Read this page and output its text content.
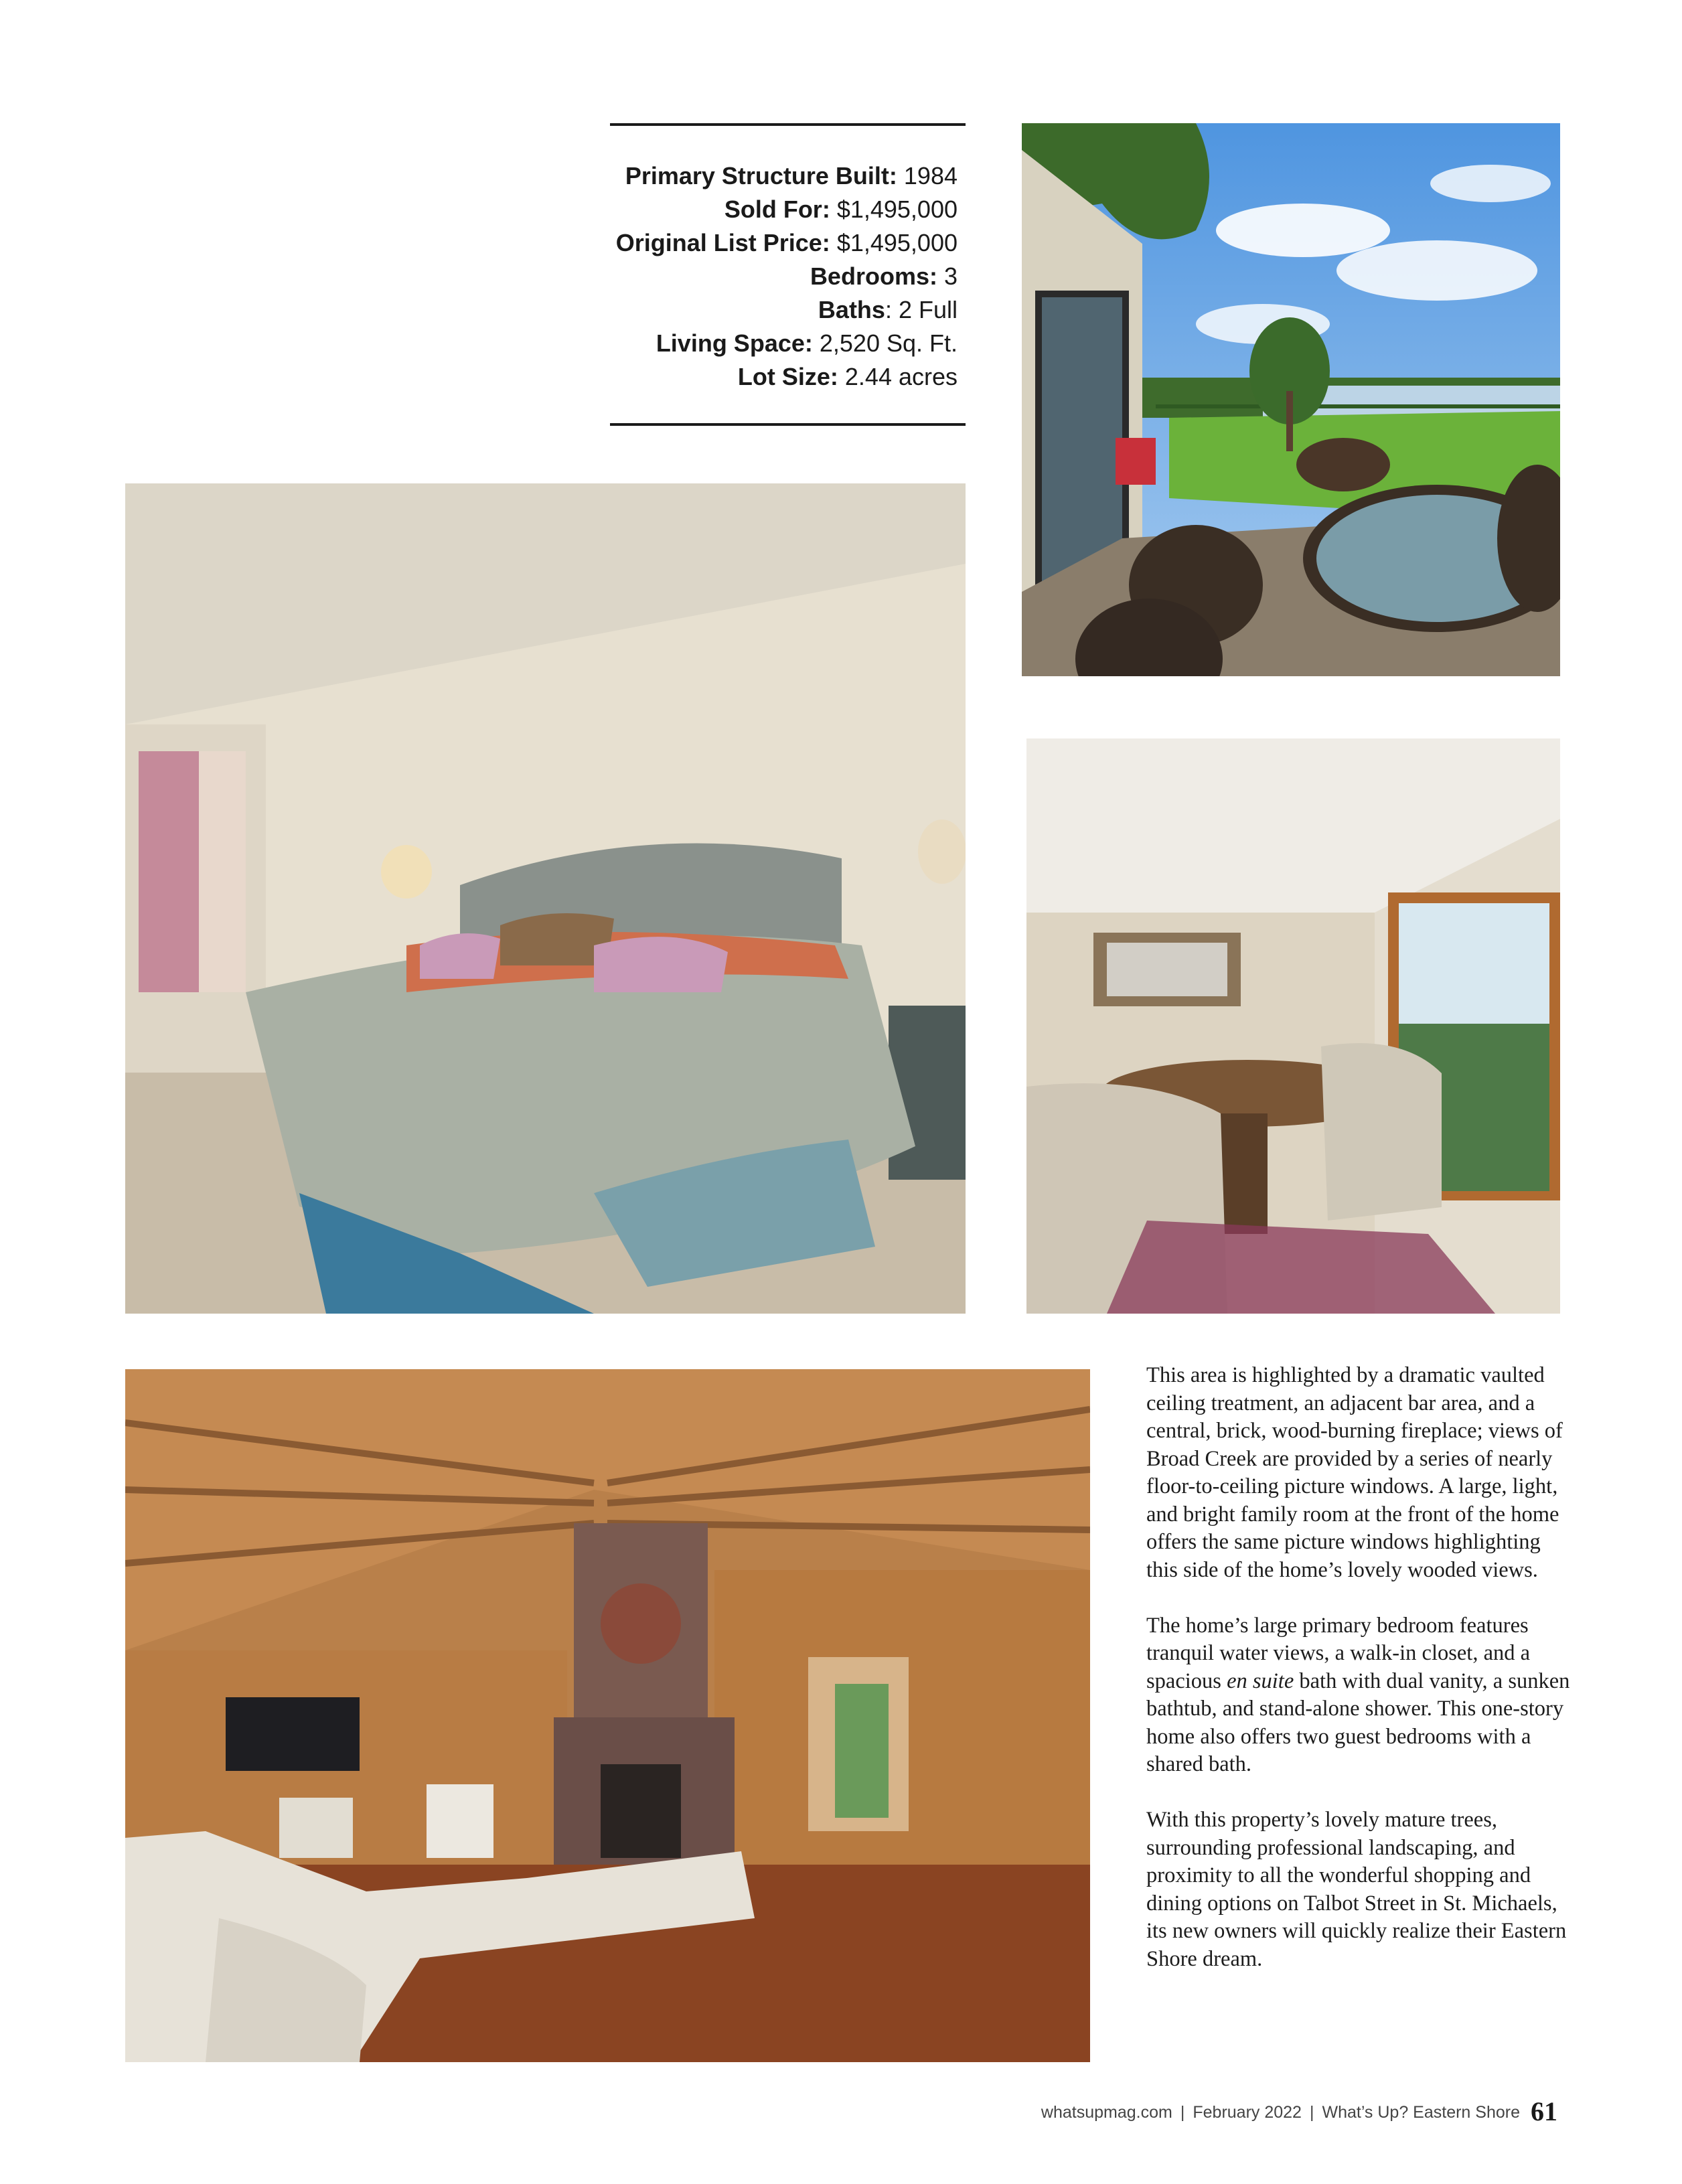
Primary Structure Built: 1984
Sold For: $1,495,000
Original List Price: $1,495,000
Bedrooms: 3
Baths: 2 Full
Living Space: 2,520 Sq. Ft.
Lot Size: 2.44 acres

This area is highlighted by a dramatic vaulted ceiling treatment, an adjacent bar area, and a central, brick, wood-burning fireplace; views of Broad Creek are provided by a series of nearly floor-to-ceiling picture windows. A large, light, and bright family room at the front of the home offers the same picture windows highlighting this side of the home’s lovely wooded views.

The home’s large primary bedroom features tranquil water views, a walk-in closet, and a spacious en suite bath with dual vanity, a sunken bathtub, and stand-alone shower. This one-story home also offers two guest bedrooms with a shared bath.

With this property’s lovely mature trees, surrounding professional landscaping, and proximity to all the wonderful shopping and dining options on Talbot Street in St. Michaels, its new owners will quickly realize their Eastern Shore dream.

whatsupmag.com | February 2022 | What’s Up? Eastern Shore 61
